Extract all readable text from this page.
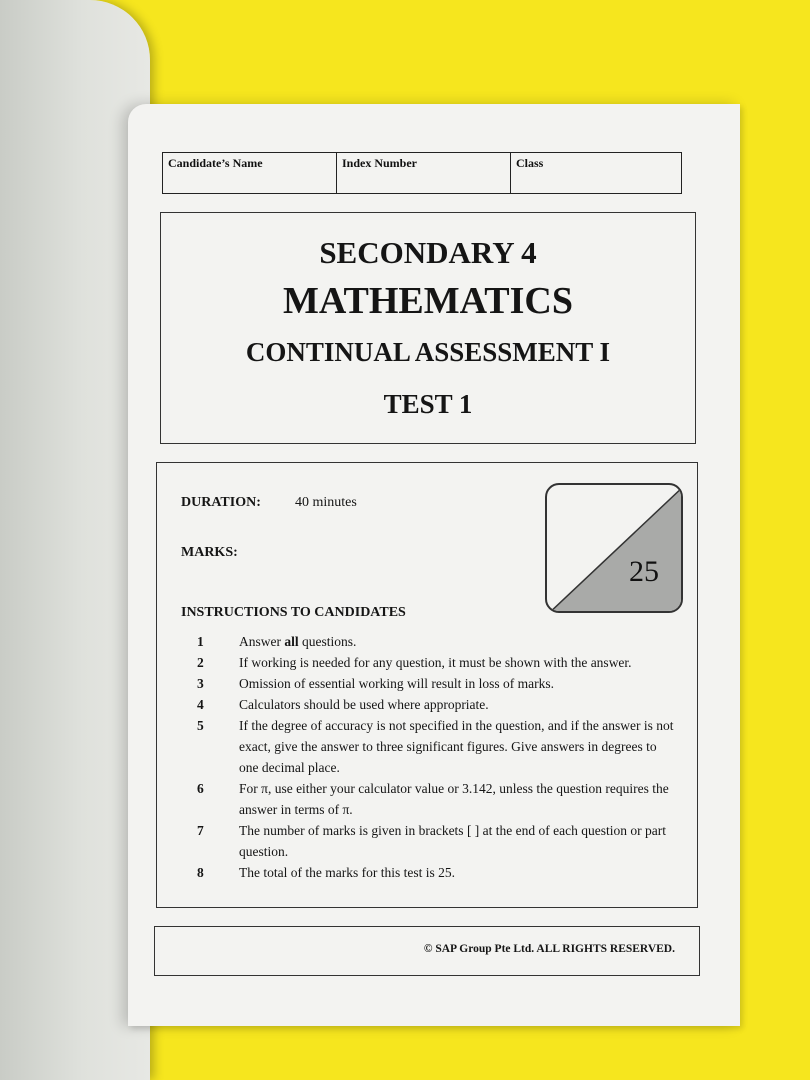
Candidate’s Name	Index Number	Class
SECONDARY 4
MATHEMATICS
CONTINUAL ASSESSMENT I
TEST 1
DURATION: 40 minutes
MARKS:
25
INSTRUCTIONS TO CANDIDATES
1	Answer all questions.
2	If working is needed for any question, it must be shown with the answer.
3	Omission of essential working will result in loss of marks.
4	Calculators should be used where appropriate.
5	If the degree of accuracy is not specified in the question, and if the answer is not exact, give the answer to three significant figures. Give answers in degrees to one decimal place.
6	For π, use either your calculator value or 3.142, unless the question requires the answer in terms of π.
7	The number of marks is given in brackets [ ] at the end of each question or part question.
8	The total of the marks for this test is 25.
© SAP Group Pte Ltd. ALL RIGHTS RESERVED.
